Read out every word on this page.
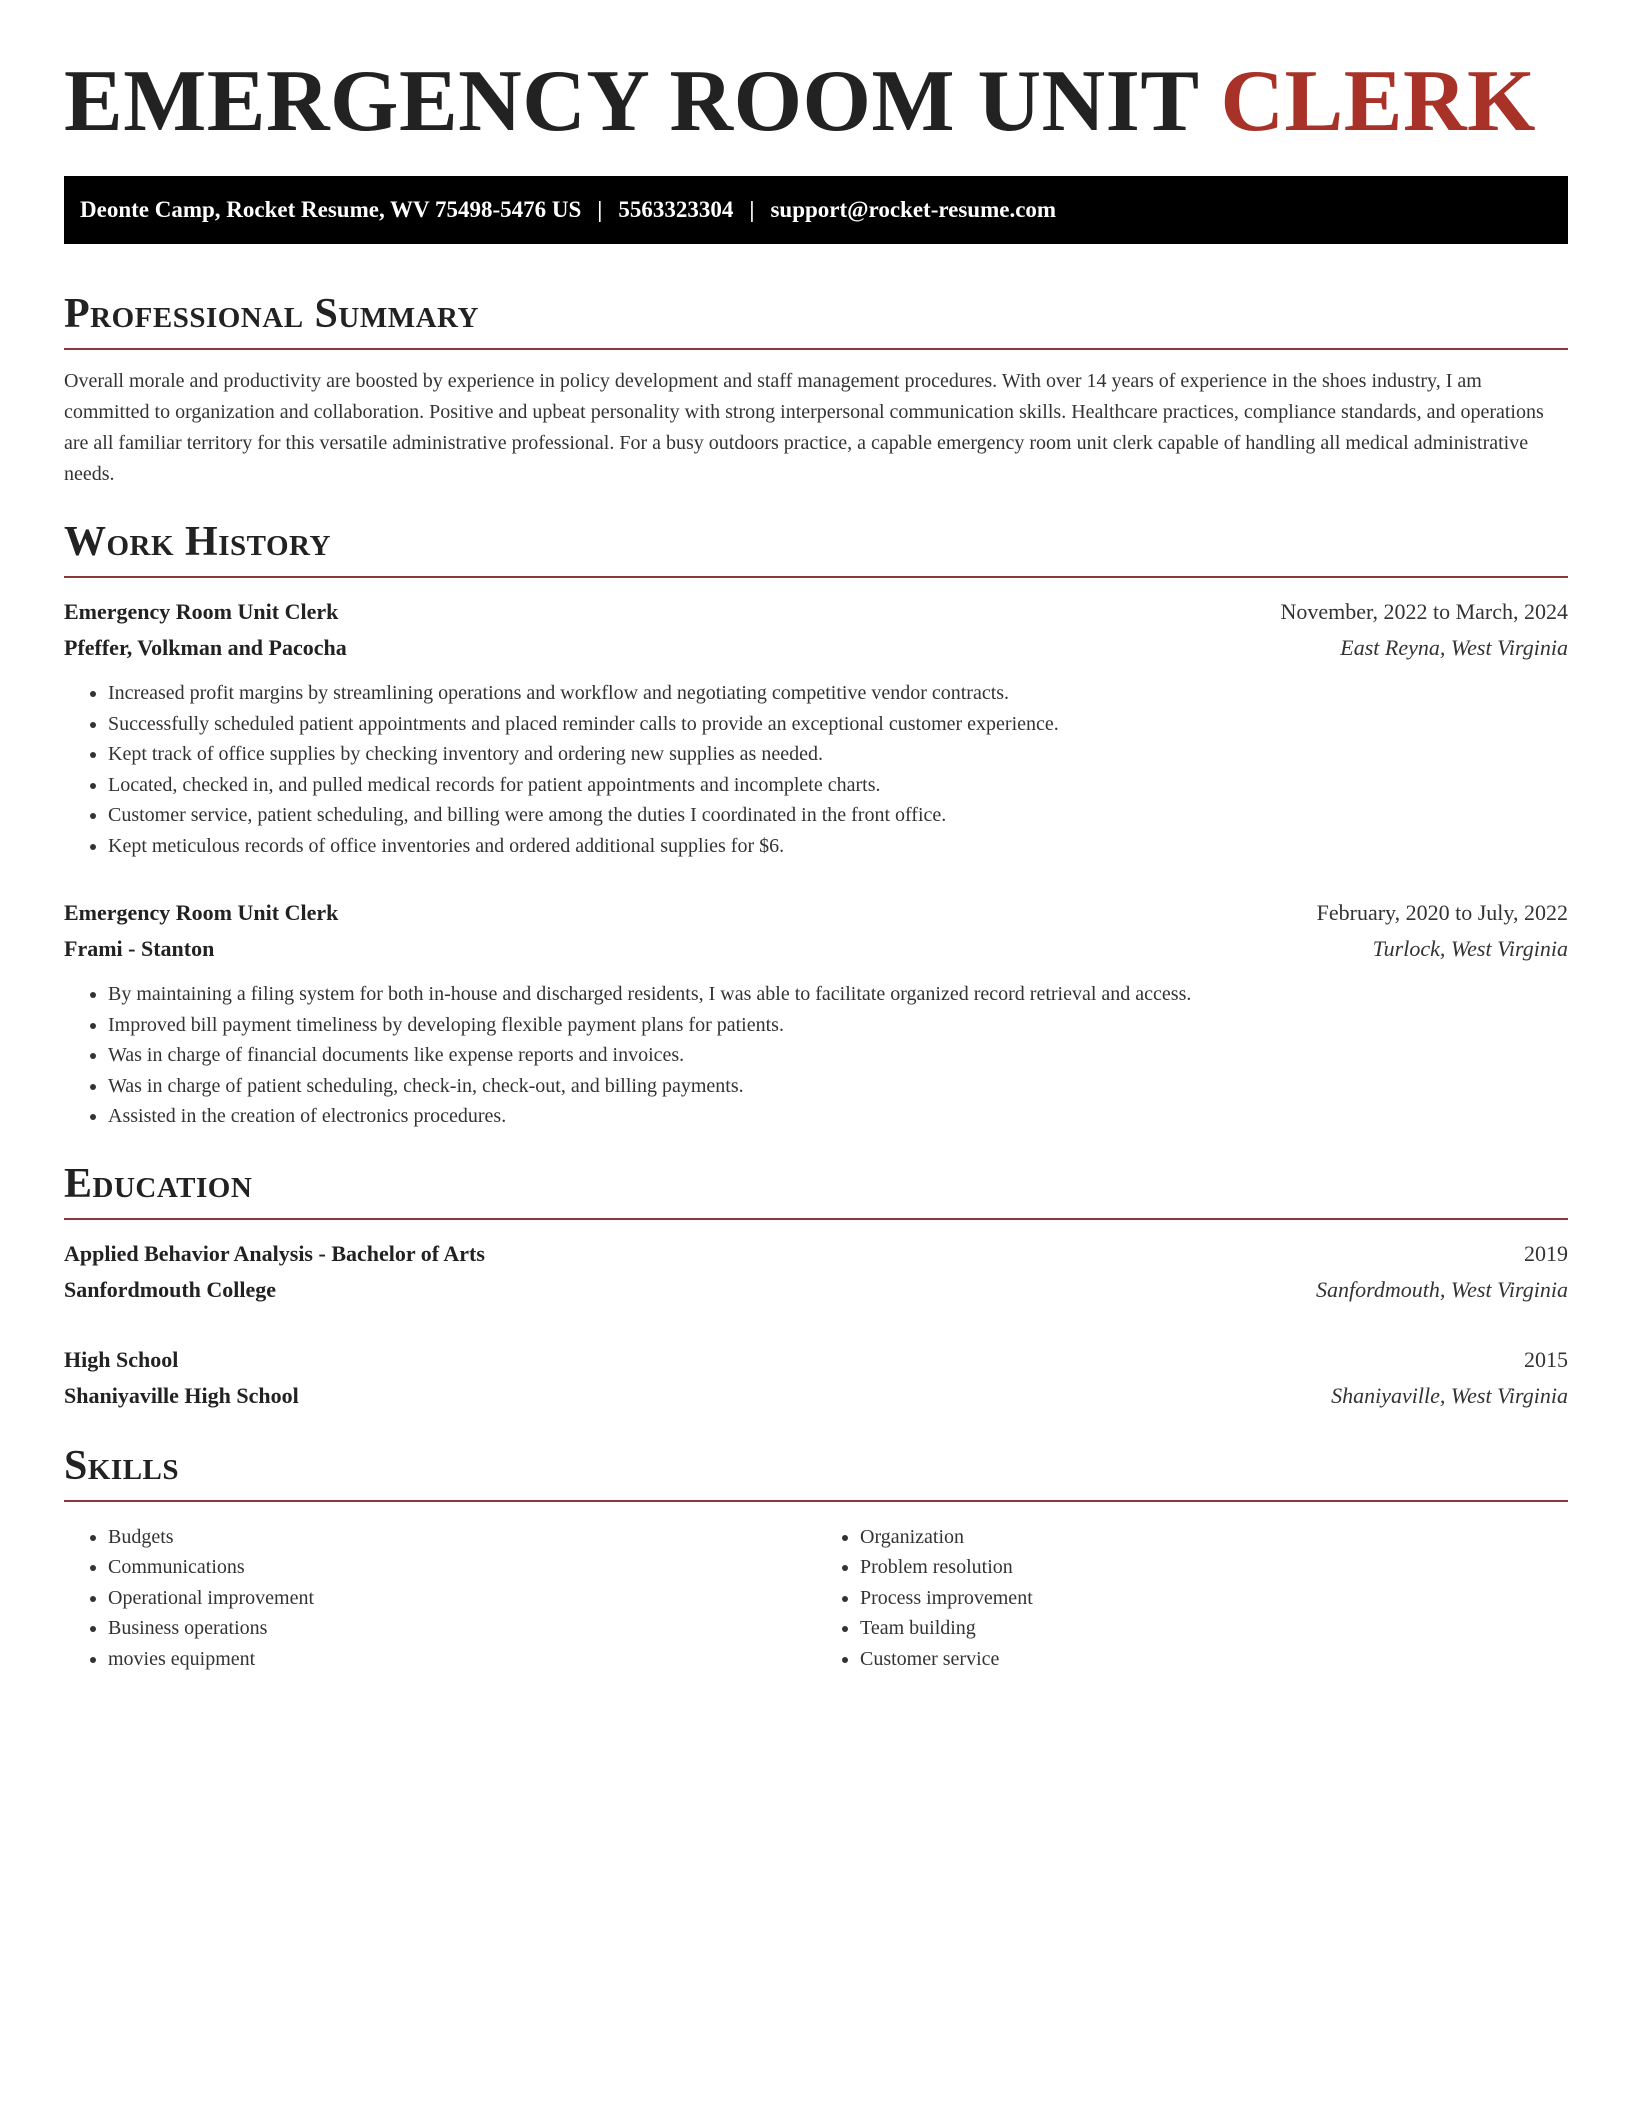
EMERGENCY ROOM UNIT CLERK
Deonte Camp, Rocket Resume, WV 75498-5476 US | 5563323304 | support@rocket-resume.com
Professional Summary

Overall morale and productivity are boosted by experience in policy development and staff management procedures. With over 14 years of experience in the shoes industry, I am committed to organization and collaboration. Positive and upbeat personality with strong interpersonal communication skills. Healthcare practices, compliance standards, and operations are all familiar territory for this versatile administrative professional. For a busy outdoors practice, a capable emergency room unit clerk capable of handling all medical administrative needs.

Work History
Emergency Room Unit Clerk	November, 2022 to March, 2024
Pfeffer, Volkman and Pacocha	East Reyna, West Virginia
• Increased profit margins by streamlining operations and workflow and negotiating competitive vendor contracts.
• Successfully scheduled patient appointments and placed reminder calls to provide an exceptional customer experience.
• Kept track of office supplies by checking inventory and ordering new supplies as needed.
• Located, checked in, and pulled medical records for patient appointments and incomplete charts.
• Customer service, patient scheduling, and billing were among the duties I coordinated in the front office.
• Kept meticulous records of office inventories and ordered additional supplies for $6.
Emergency Room Unit Clerk	February, 2020 to July, 2022
Frami - Stanton	Turlock, West Virginia
• By maintaining a filing system for both in-house and discharged residents, I was able to facilitate organized record retrieval and access.
• Improved bill payment timeliness by developing flexible payment plans for patients.
• Was in charge of financial documents like expense reports and invoices.
• Was in charge of patient scheduling, check-in, check-out, and billing payments.
• Assisted in the creation of electronics procedures.
Education
Applied Behavior Analysis - Bachelor of Arts	2019
Sanfordmouth College	Sanfordmouth, West Virginia
High School	2015
Shaniyaville High School	Shaniyaville, West Virginia
Skills
• Budgets
• Communications
• Operational improvement
• Business operations
• movies equipment
• Organization
• Problem resolution
• Process improvement
• Team building
• Customer service
